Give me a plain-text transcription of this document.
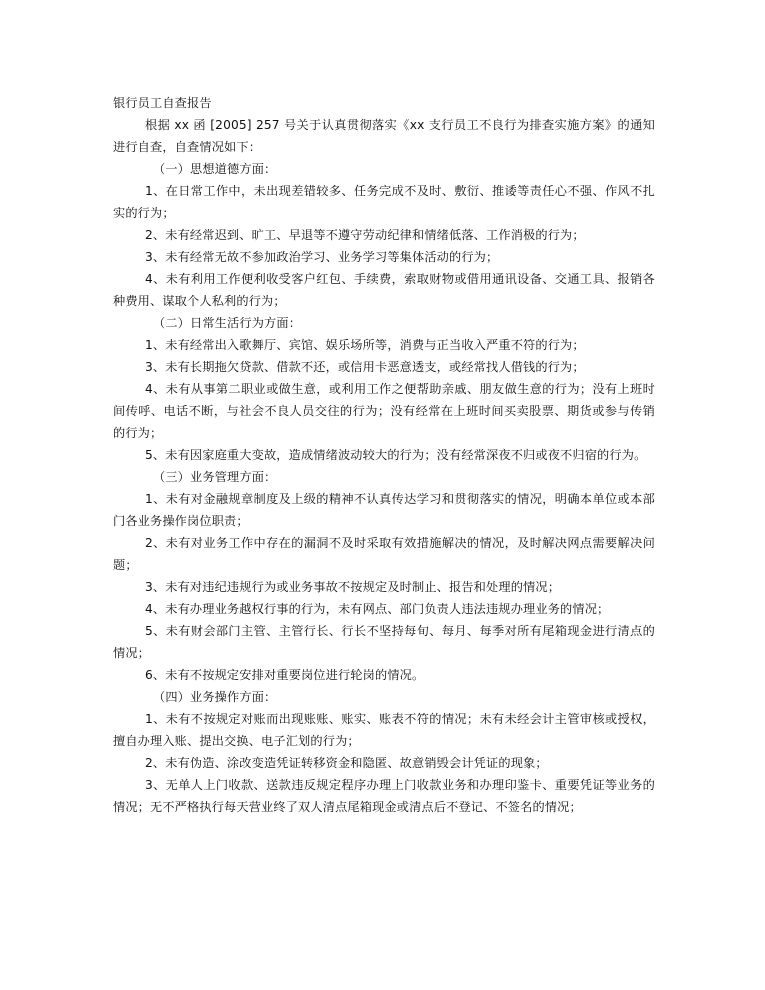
银行员工自查报告

根据 xx 函 [2005] 257 号关于认真贯彻落实《xx 支行员工不良行为排查实施方案》的通知进行自查，自查情况如下：

（一）思想道德方面：

1、在日常工作中，未出现差错较多、任务完成不及时、敷衍、推诿等责任心不强、作风不扎实的行为；

2、未有经常迟到、旷工、早退等不遵守劳动纪律和情绪低落、工作消极的行为；

3、未有经常无故不参加政治学习、业务学习等集体活动的行为；

4、未有利用工作便利收受客户红包、手续费，索取财物或借用通讯设备、交通工具、报销各种费用、谋取个人私利的行为；

（二）日常生活行为方面：

1、未有经常出入歌舞厅、宾馆、娱乐场所等，消费与正当收入严重不符的行为；

3、未有长期拖欠贷款、借款不还，或信用卡恶意透支，或经常找人借钱的行为；

4、未有从事第二职业或做生意，或利用工作之便帮助亲戚、朋友做生意的行为；没有上班时间传呼、电话不断，与社会不良人员交往的行为；没有经常在上班时间买卖股票、期货或参与传销的行为；

5、未有因家庭重大变故，造成情绪波动较大的行为；没有经常深夜不归或夜不归宿的行为。

（三）业务管理方面：

1、未有对金融规章制度及上级的精神不认真传达学习和贯彻落实的情况，明确本单位或本部门各业务操作岗位职责；

2、未有对业务工作中存在的漏洞不及时采取有效措施解决的情况，及时解决网点需要解决问题；

3、未有对违纪违规行为或业务事故不按规定及时制止、报告和处理的情况；

4、未有办理业务越权行事的行为，未有网点、部门负责人违法违规办理业务的情况；

5、未有财会部门主管、主管行长、行长不坚持每旬、每月、每季对所有尾箱现金进行清点的情况；

6、未有不按规定安排对重要岗位进行轮岗的情况。

（四）业务操作方面：

1、未有不按规定对账而出现账账、账实、账表不符的情况；未有未经会计主管审核或授权，擅自办理入账、提出交换、电子汇划的行为；

2、未有伪造、涂改变造凭证转移资金和隐匿、故意销毁会计凭证的现象；

3、无单人上门收款、送款违反规定程序办理上门收款业务和办理印鉴卡、重要凭证等业务的情况；无不严格执行每天营业终了双人清点尾箱现金或清点后不登记、不签名的情况；
